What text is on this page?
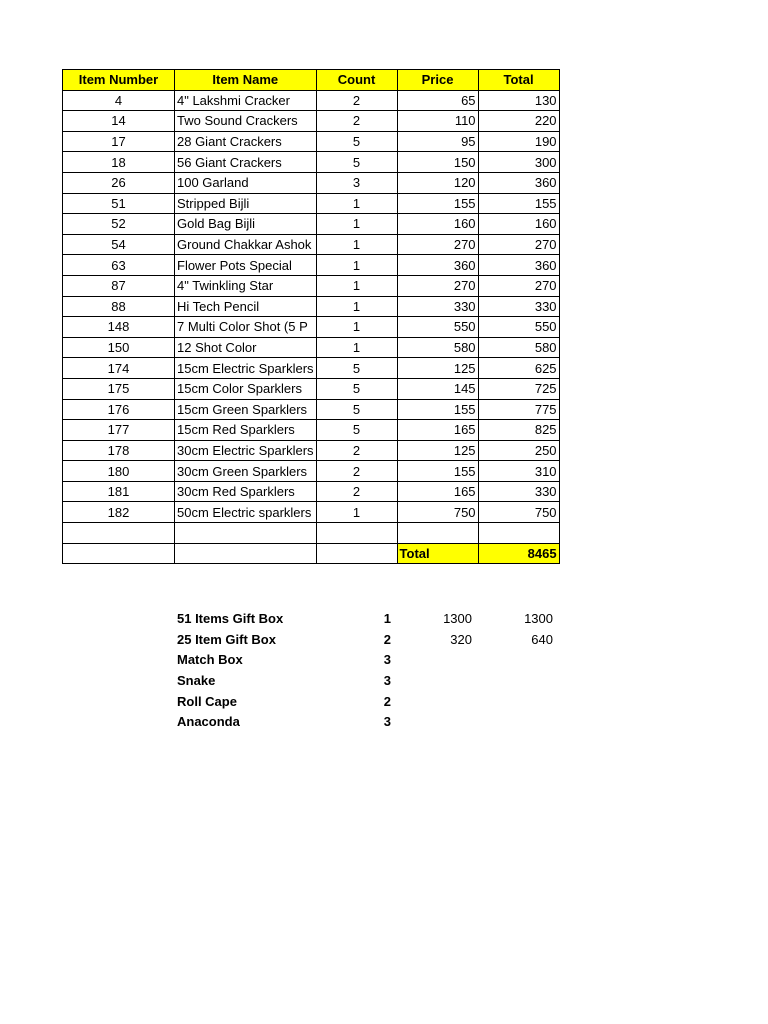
Item Number	Item Name	Count	Price	Total
4	4" Lakshmi Cracker	2	65	130
14	Two Sound Crackers	2	110	220
17	28 Giant Crackers	5	95	190
18	56 Giant Crackers	5	150	300
26	100 Garland	3	120	360
51	Stripped Bijli	1	155	155
52	Gold Bag Bijli	1	160	160
54	Ground Chakkar Ashok	1	270	270
63	Flower Pots Special	1	360	360
87	4" Twinkling Star	1	270	270
88	Hi Tech Pencil	1	330	330
148	7 Multi Color Shot (5 P	1	550	550
150	12 Shot Color	1	580	580
174	15cm Electric Sparklers	5	125	625
175	15cm Color Sparklers	5	145	725
176	15cm Green Sparklers	5	155	775
177	15cm Red Sparklers	5	165	825
178	30cm Electric Sparklers	2	125	250
180	30cm Green Sparklers	2	155	310
181	30cm Red Sparklers	2	165	330
182	50cm Electric sparklers	1	750	750

			Total	8465
51 Items Gift Box	1	1300	1300
25 Item Gift Box	2	320	640
Match Box	3		
Snake	3		
Roll Cape	2		
Anaconda	3		
